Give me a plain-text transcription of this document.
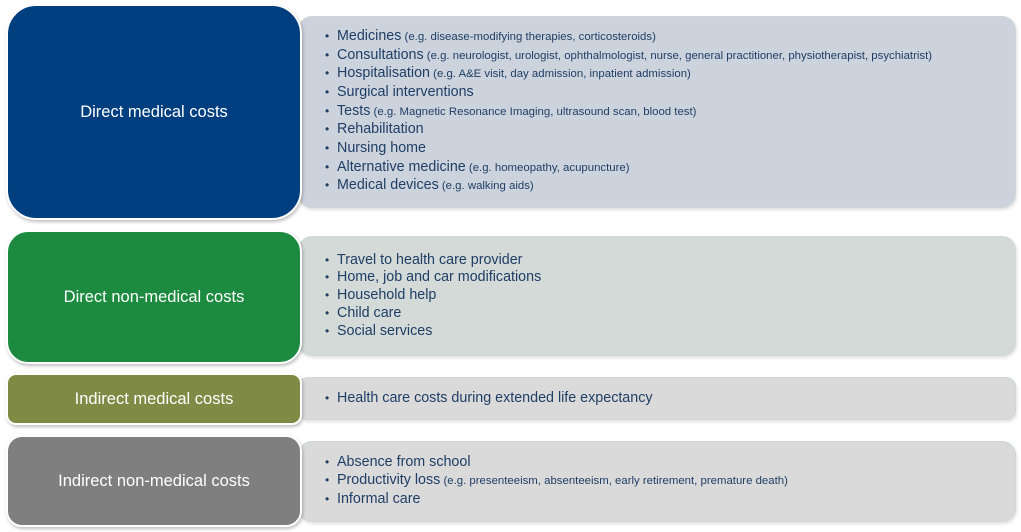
• Medicines (e.g. disease-modifying therapies, corticosteroids)
• Consultations (e.g. neurologist, urologist, ophthalmologist, nurse, general practitioner, physiotherapist, psychiatrist)
• Hospitalisation (e.g. A&E visit, day admission, inpatient admission)
• Surgical interventions
• Tests (e.g. Magnetic Resonance Imaging, ultrasound scan, blood test)
• Rehabilitation
• Nursing home
• Alternative medicine (e.g. homeopathy, acupuncture)
• Medical devices (e.g. walking aids)
Direct medical costs
• Travel to health care provider
• Home, job and car modifications
• Household help
• Child care
• Social services
Direct non-medical costs
• Health care costs during extended life expectancy
Indirect medical costs
• Absence from school
• Productivity loss (e.g. presenteeism, absenteeism, early retirement, premature death)
• Informal care
Indirect non-medical costs
